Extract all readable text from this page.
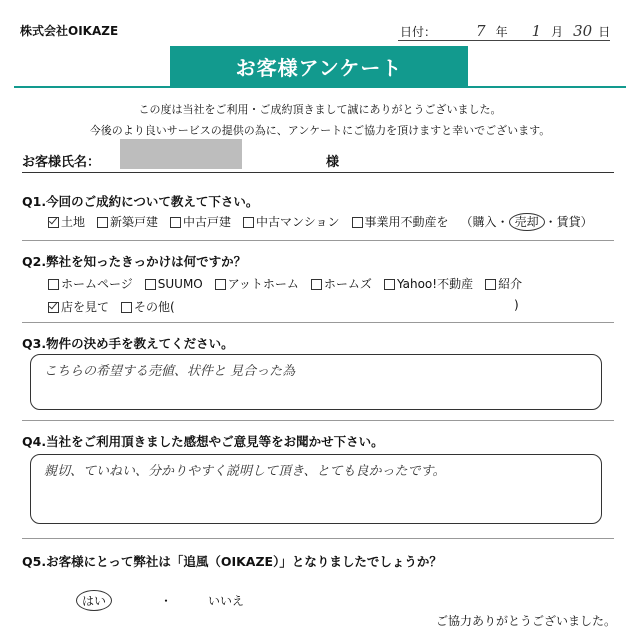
株式会社OIKAZE	日付：	7 年 1 月 30 日
お客様アンケート
この度は当社をご利用・ご成約頂きまして誠にありがとうございました。
今後のより良いサービスの提供の為に、アンケートにご協力を頂けますと幸いでございます。
お客様氏名：	様
Q1.今回のご成約について教えて下さい。
土地	新築戸建	中古戸建	中古マンション	事業用不動産を （購入・ 売却 ・賃貸）
Q2.弊社を知ったきっかけは何ですか？
ホームページ	SUUMO	アットホーム	ホームズ	Yahoo!不動産	紹介
店を見て	その他(	)
Q3.物件の決め手を教えてください。
こちらの希望する売値、状件と 見合った為
Q4.当社をご利用頂きました感想やご意見等をお聞かせ下さい。
親切、ていねい、分かりやすく説明して頂き、とても良かったです。
Q5.お客様にとって弊社は「追風（OIKAZE）」となりましたでしょうか？
はい	・	いいえ
ご協力ありがとうございました。
